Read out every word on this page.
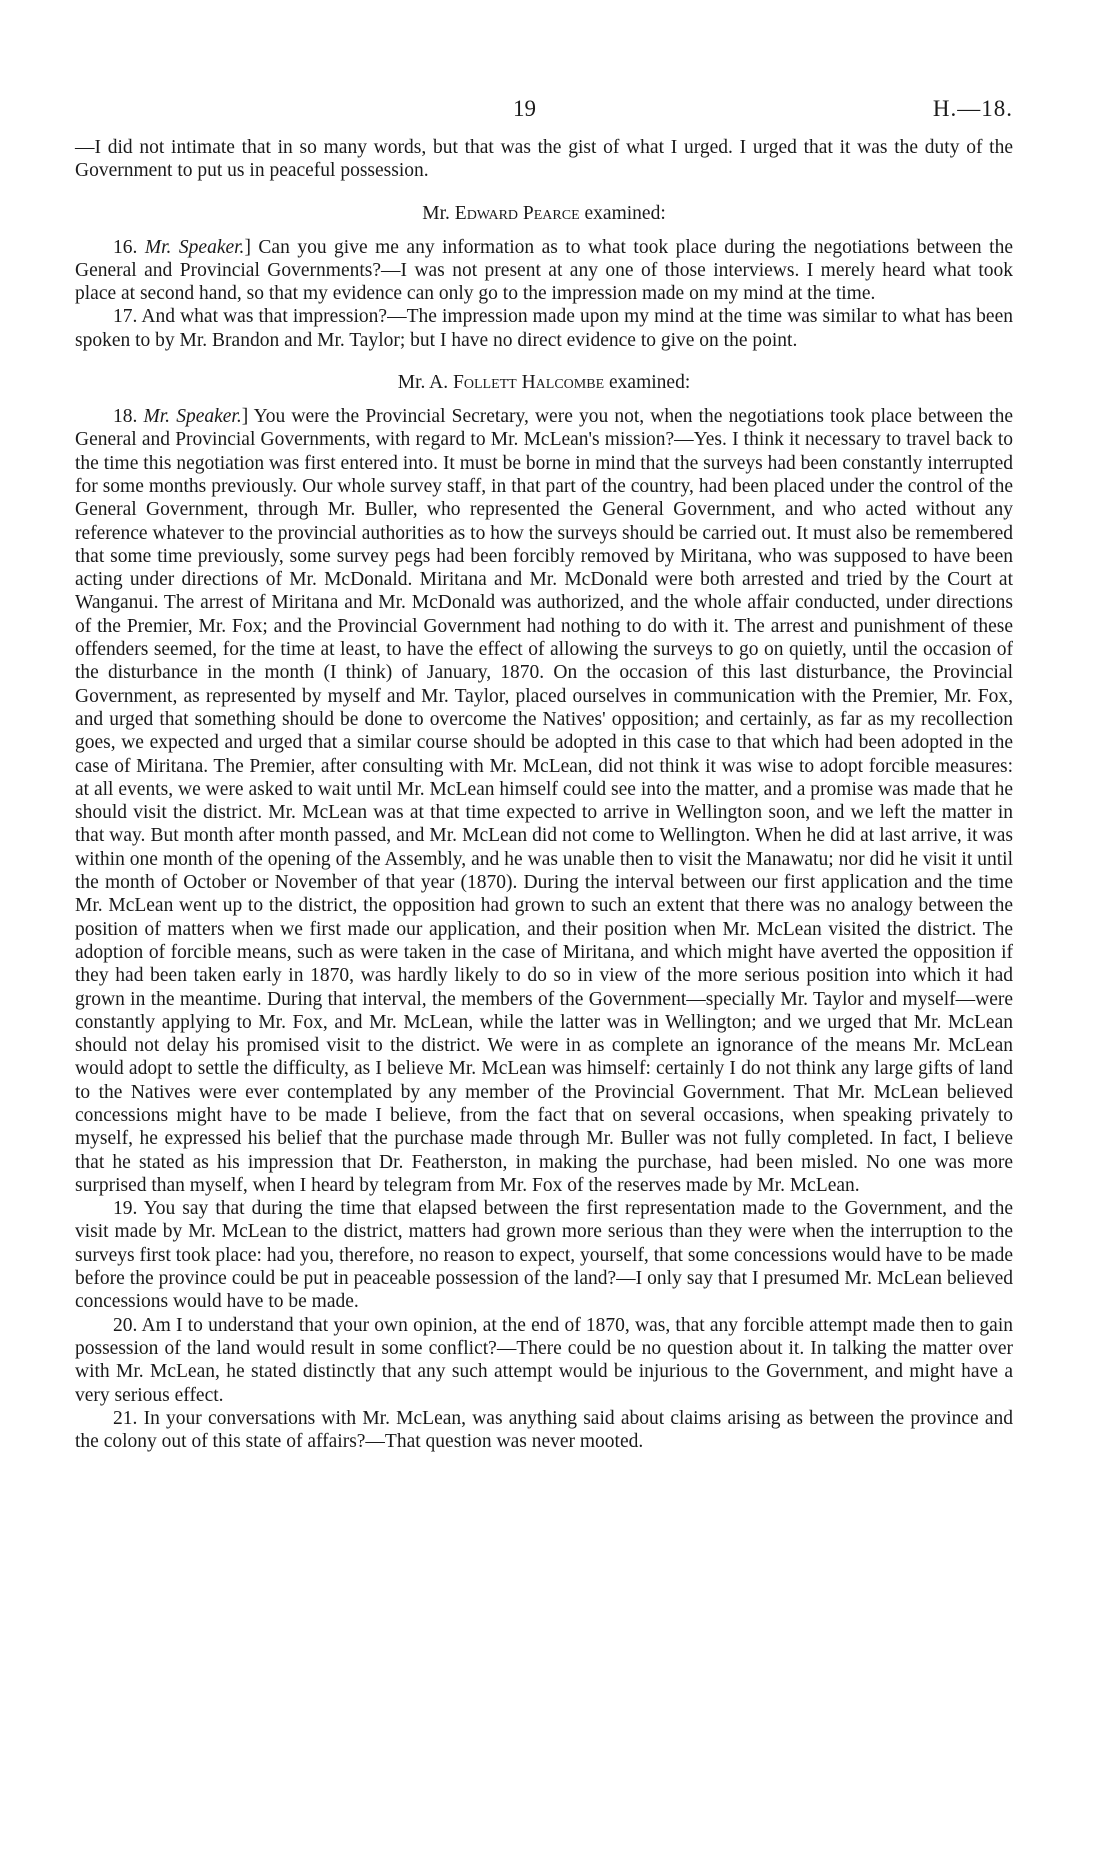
19	H.—18.

—I did not intimate that in so many words, but that was the gist of what I urged. I urged that it was the duty of the Government to put us in peaceful possession.

Mr. Edward Pearce examined:

16. Mr. Speaker.] Can you give me any information as to what took place during the negotiations between the General and Provincial Governments?—I was not present at any one of those interviews. I merely heard what took place at second hand, so that my evidence can only go to the impression made on my mind at the time.

17. And what was that impression?—The impression made upon my mind at the time was similar to what has been spoken to by Mr. Brandon and Mr. Taylor; but I have no direct evidence to give on the point.

Mr. A. Follett Halcombe examined:

18. Mr. Speaker.] You were the Provincial Secretary, were you not, when the negotiations took place between the General and Provincial Governments, with regard to Mr. McLean's mission?—Yes. I think it necessary to travel back to the time this negotiation was first entered into. It must be borne in mind that the surveys had been constantly interrupted for some months previously. Our whole survey staff, in that part of the country, had been placed under the control of the General Government, through Mr. Buller, who represented the General Government, and who acted without any reference whatever to the provincial authorities as to how the surveys should be carried out. It must also be remembered that some time previously, some survey pegs had been forcibly removed by Miritana, who was supposed to have been acting under directions of Mr. McDonald. Miritana and Mr. McDonald were both arrested and tried by the Court at Wanganui. The arrest of Miritana and Mr. McDonald was authorized, and the whole affair conducted, under directions of the Premier, Mr. Fox; and the Provincial Government had nothing to do with it. The arrest and punishment of these offenders seemed, for the time at least, to have the effect of allowing the surveys to go on quietly, until the occasion of the disturbance in the month (I think) of January, 1870. On the occasion of this last disturbance, the Provincial Government, as represented by myself and Mr. Taylor, placed ourselves in communication with the Premier, Mr. Fox, and urged that something should be done to overcome the Natives' opposition; and certainly, as far as my recollection goes, we expected and urged that a similar course should be adopted in this case to that which had been adopted in the case of Miritana. The Premier, after consulting with Mr. McLean, did not think it was wise to adopt forcible measures: at all events, we were asked to wait until Mr. McLean himself could see into the matter, and a promise was made that he should visit the district. Mr. McLean was at that time expected to arrive in Wellington soon, and we left the matter in that way. But month after month passed, and Mr. McLean did not come to Wellington. When he did at last arrive, it was within one month of the opening of the Assembly, and he was unable then to visit the Manawatu; nor did he visit it until the month of October or November of that year (1870). During the interval between our first application and the time Mr. McLean went up to the district, the opposition had grown to such an extent that there was no analogy between the position of matters when we first made our application, and their position when Mr. McLean visited the district. The adoption of forcible means, such as were taken in the case of Miritana, and which might have averted the opposition if they had been taken early in 1870, was hardly likely to do so in view of the more serious position into which it had grown in the meantime. During that interval, the members of the Government—specially Mr. Taylor and myself—were constantly applying to Mr. Fox, and Mr. McLean, while the latter was in Wellington; and we urged that Mr. McLean should not delay his promised visit to the district. We were in as complete an ignorance of the means Mr. McLean would adopt to settle the difficulty, as I believe Mr. McLean was himself: certainly I do not think any large gifts of land to the Natives were ever contemplated by any member of the Provincial Government. That Mr. McLean believed concessions might have to be made I believe, from the fact that on several occasions, when speaking privately to myself, he expressed his belief that the purchase made through Mr. Buller was not fully completed. In fact, I believe that he stated as his impression that Dr. Featherston, in making the purchase, had been misled. No one was more surprised than myself, when I heard by telegram from Mr. Fox of the reserves made by Mr. McLean.

19. You say that during the time that elapsed between the first representation made to the Government, and the visit made by Mr. McLean to the district, matters had grown more serious than they were when the interruption to the surveys first took place: had you, therefore, no reason to expect, yourself, that some concessions would have to be made before the province could be put in peaceable possession of the land?—I only say that I presumed Mr. McLean believed concessions would have to be made.

20. Am I to understand that your own opinion, at the end of 1870, was, that any forcible attempt made then to gain possession of the land would result in some conflict?—There could be no question about it. In talking the matter over with Mr. McLean, he stated distinctly that any such attempt would be injurious to the Government, and might have a very serious effect.

21. In your conversations with Mr. McLean, was anything said about claims arising as between the province and the colony out of this state of affairs?—That question was never mooted.
